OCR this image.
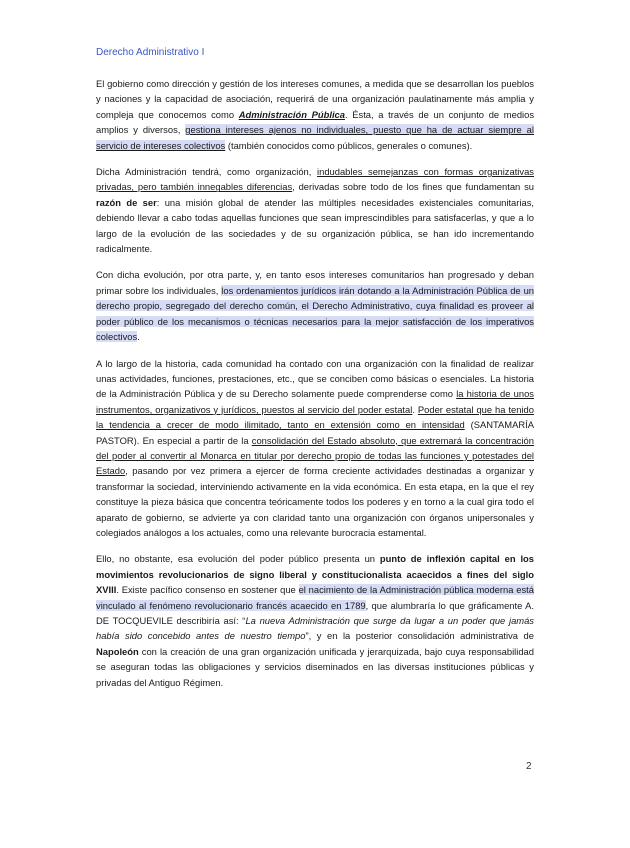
Derecho Administrativo I

El gobierno como dirección y gestión de los intereses comunes, a medida que se desarrollan los pueblos y naciones y la capacidad de asociación, requerirá de una organización paulatinamente más amplia y compleja que conocemos como Administración Pública. Ésta, a través de un conjunto de medios amplios y diversos, gestiona intereses ajenos no individuales, puesto que ha de actuar siempre al servicio de intereses colectivos (también conocidos como públicos, generales o comunes).

Dicha Administración tendrá, como organización, indudables semejanzas con formas organizativas privadas, pero también innegables diferencias, derivadas sobre todo de los fines que fundamentan su razón de ser: una misión global de atender las múltiples necesidades existenciales comunitarias, debiendo llevar a cabo todas aquellas funciones que sean imprescindibles para satisfacerlas, y que a lo largo de la evolución de las sociedades y de su organización pública, se han ido incrementando radicalmente.

Con dicha evolución, por otra parte, y, en tanto esos intereses comunitarios han progresado y deban primar sobre los individuales, los ordenamientos jurídicos irán dotando a la Administración Pública de un derecho propio, segregado del derecho común, el Derecho Administrativo, cuya finalidad es proveer al poder público de los mecanismos o técnicas necesarios para la mejor satisfacción de los imperativos colectivos.

A lo largo de la historia, cada comunidad ha contado con una organización con la finalidad de realizar unas actividades, funciones, prestaciones, etc., que se conciben como básicas o esenciales. La historia de la Administración Pública y de su Derecho solamente puede comprenderse como la historia de unos instrumentos, organizativos y jurídicos, puestos al servicio del poder estatal. Poder estatal que ha tenido la tendencia a crecer de modo ilimitado, tanto en extensión como en intensidad (SANTAMARÍA PASTOR). En especial a partir de la consolidación del Estado absoluto, que extremará la concentración del poder al convertir al Monarca en titular por derecho propio de todas las funciones y potestades del Estado, pasando por vez primera a ejercer de forma creciente actividades destinadas a organizar y transformar la sociedad, interviniendo activamente en la vida económica. En esta etapa, en la que el rey constituye la pieza básica que concentra teóricamente todos los poderes y en torno a la cual gira todo el aparato de gobierno, se advierte ya con claridad tanto una organización con órganos unipersonales y colegiados análogos a los actuales, como una relevante burocracia estamental.

Ello, no obstante, esa evolución del poder público presenta un punto de inflexión capital en los movimientos revolucionarios de signo liberal y constitucionalista acaecidos a fines del siglo XVIII. Existe pacífico consenso en sostener que el nacimiento de la Administración pública moderna está vinculado al fenómeno revolucionario francés acaecido en 1789, que alumbraría lo que gráficamente A. DE TOCQUEVILE describiría así: “La nueva Administración que surge da lugar a un poder que jamás había sido concebido antes de nuestro tiempo”, y en la posterior consolidación administrativa de Napoleón con la creación de una gran organización unificada y jerarquizada, bajo cuya responsabilidad se aseguran todas las obligaciones y servicios diseminados en las diversas instituciones públicas y privadas del Antiguo Régimen.

2
